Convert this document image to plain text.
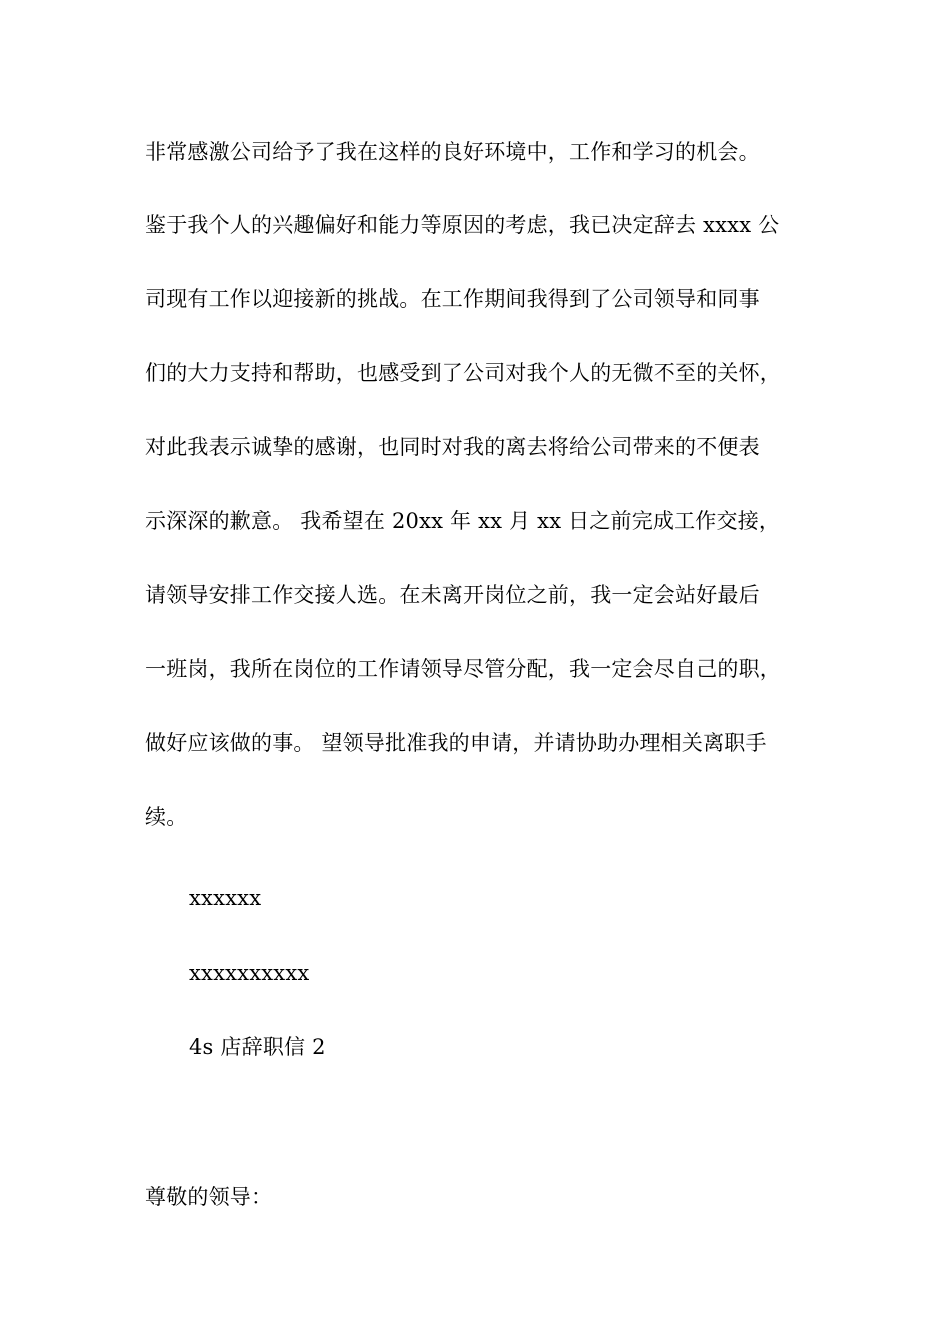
非常感激公司给予了我在这样的良好环境中，工作和学习的机会。
鉴于我个人的兴趣偏好和能力等原因的考虑，我已决定辞去 xxxx 公
司现有工作以迎接新的挑战。在工作期间我得到了公司领导和同事
们的大力支持和帮助，也感受到了公司对我个人的无微不至的关怀，
对此我表示诚挚的感谢，也同时对我的离去将给公司带来的不便表
示深深的歉意。 我希望在 20xx 年 xx 月 xx 日之前完成工作交接，
请领导安排工作交接人选。在未离开岗位之前，我一定会站好最后
一班岗，我所在岗位的工作请领导尽管分配，我一定会尽自己的职，
做好应该做的事。 望领导批准我的申请，并请协助办理相关离职手
续。
xxxxxx
xxxxxxxxxx
4s 店辞职信 2
尊敬的领导：
